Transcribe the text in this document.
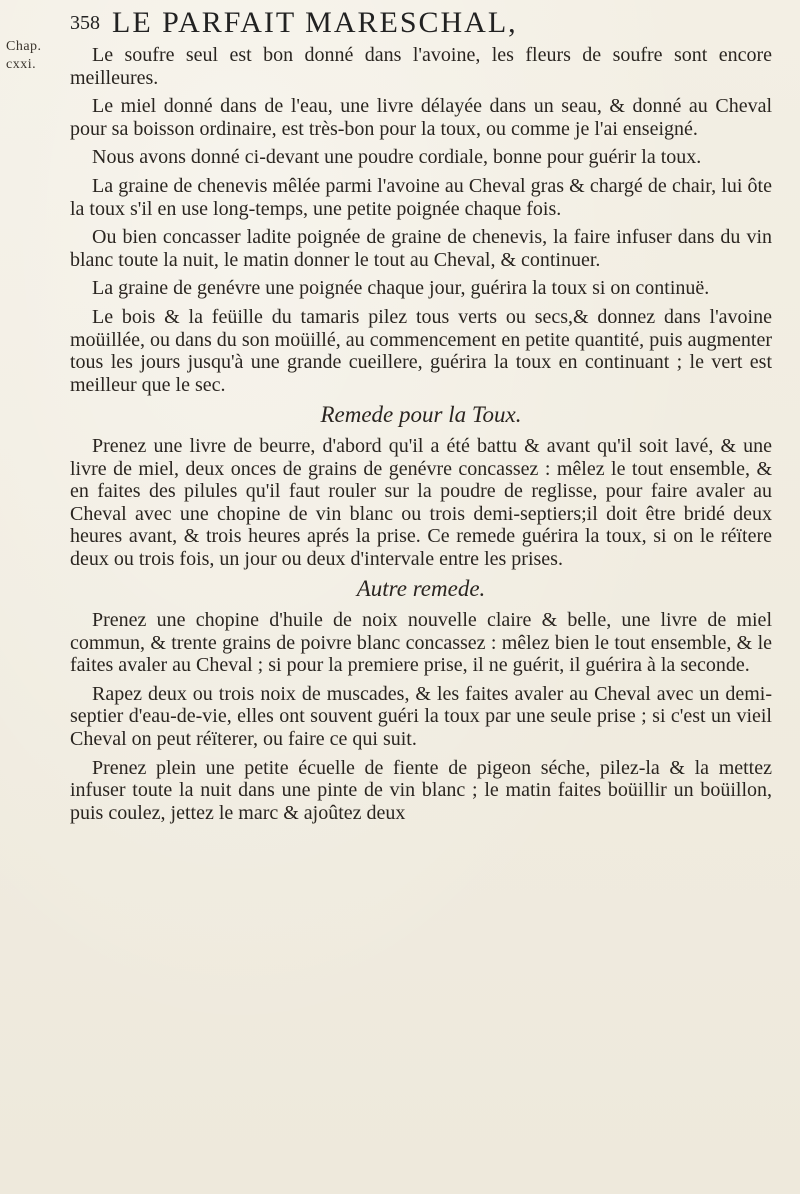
Chap.
cxxi.
358 LE PARFAIT MARESCHAL,

Le soufre seul est bon donné dans l'avoine, les fleurs de soufre sont encore meilleures.

Le miel donné dans de l'eau, une livre délayée dans un seau, & donné au Cheval pour sa boisson ordinaire, est très-bon pour la toux, ou comme je l'ai enseigné.

Nous avons donné ci-devant une poudre cordiale, bonne pour guérir la toux.

La graine de chenevis mêlée parmi l'avoine au Cheval gras & chargé de chair, lui ôte la toux s'il en use long-temps, une petite poignée chaque fois.

Ou bien concasser ladite poignée de graine de chenevis, la faire infuser dans du vin blanc toute la nuit, le matin donner le tout au Cheval, & continuer.

La graine de genévre une poignée chaque jour, guérira la toux si on continuë.

Le bois & la feüille du tamaris pilez tous verts ou secs,& donnez dans l'avoine moüillée, ou dans du son moüillé, au commencement en petite quantité, puis augmenter tous les jours jusqu'à une grande cueillere, guérira la toux en continuant ; le vert est meilleur que le sec.

Remede pour la Toux.

Prenez une livre de beurre, d'abord qu'il a été battu & avant qu'il soit lavé, & une livre de miel, deux onces de grains de genévre concassez : mêlez le tout ensemble, & en faites des pilules qu'il faut rouler sur la poudre de reglisse, pour faire avaler au Cheval avec une chopine de vin blanc ou trois demi-septiers;il doit être bridé deux heures avant, & trois heures aprés la prise. Ce remede guérira la toux, si on le réïtere deux ou trois fois, un jour ou deux d'intervale entre les prises.

Autre remede.

Prenez une chopine d'huile de noix nouvelle claire & belle, une livre de miel commun, & trente grains de poivre blanc concassez : mêlez bien le tout ensemble, & le faites avaler au Cheval ; si pour la premiere prise, il ne guérit, il guérira à la seconde.

Rapez deux ou trois noix de muscades, & les faites avaler au Cheval avec un demi-septier d'eau-de-vie, elles ont souvent guéri la toux par une seule prise ; si c'est un vieil Cheval on peut réïterer, ou faire ce qui suit.

Prenez plein une petite écuelle de fiente de pigeon séche, pilez-la & la mettez infuser toute la nuit dans une pinte de vin blanc ; le matin faites boüillir un boüillon, puis coulez, jettez le marc & ajoûtez deux
